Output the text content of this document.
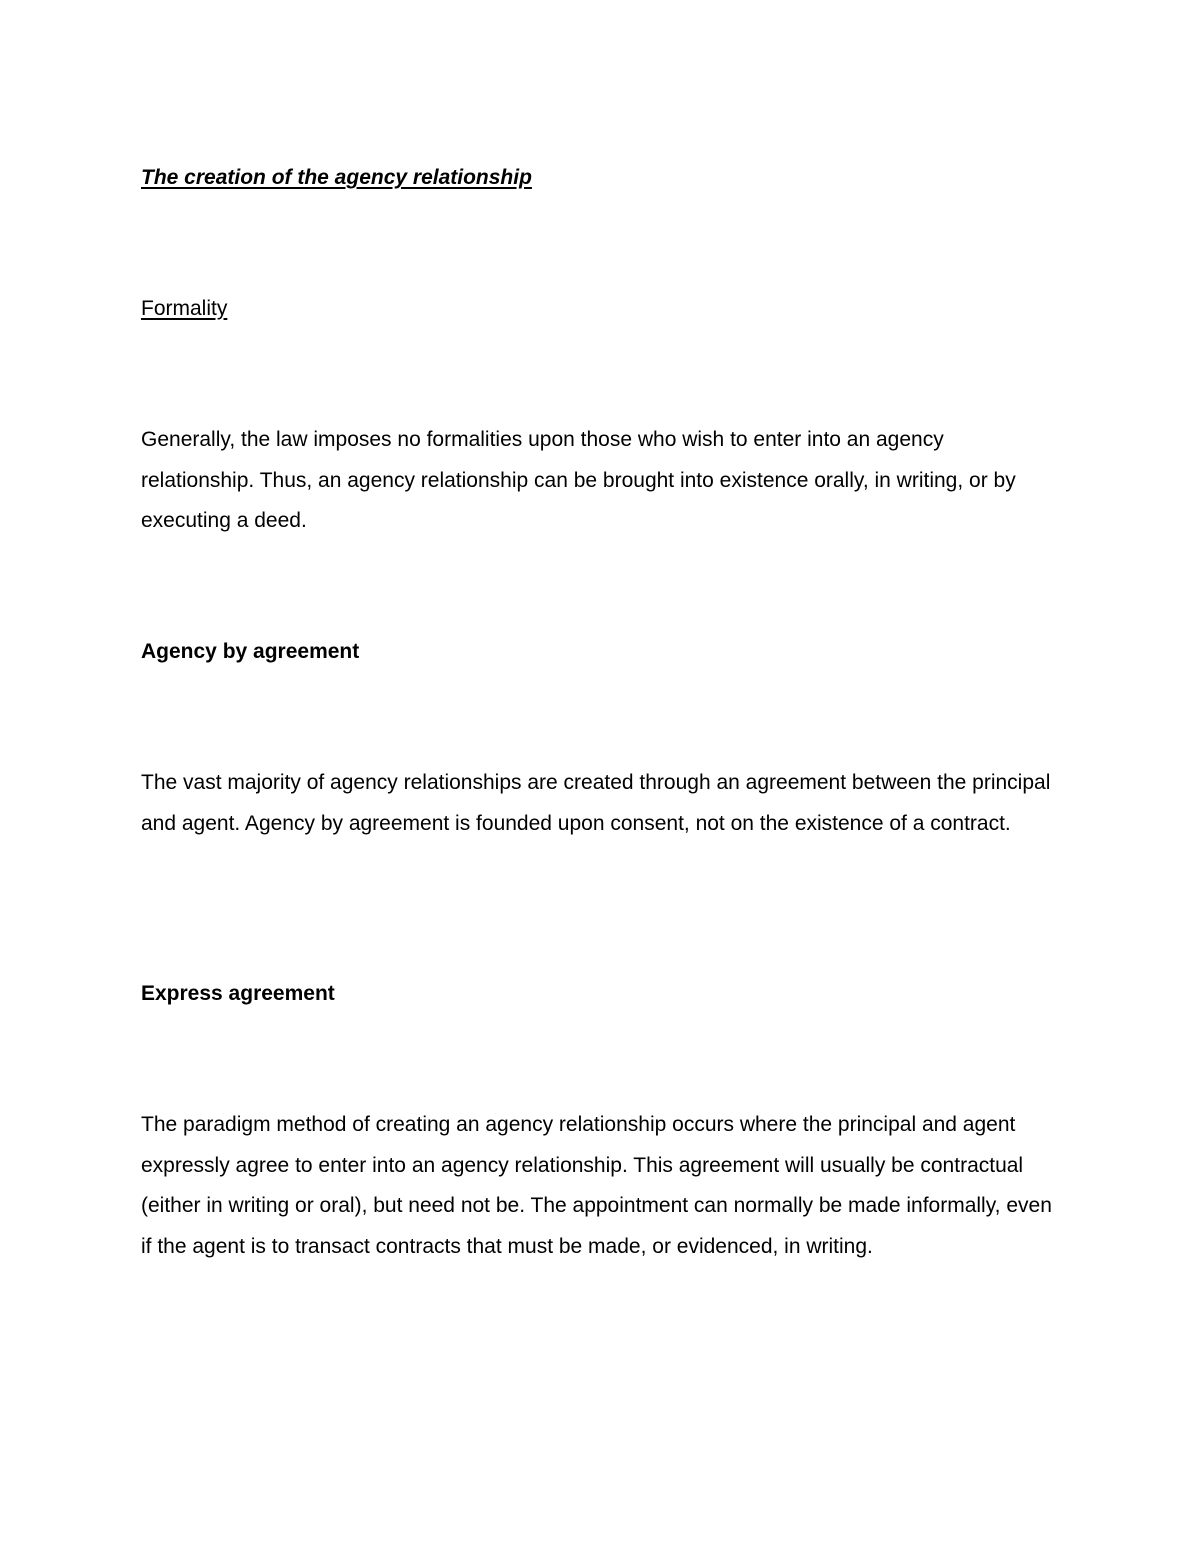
The creation of the agency relationship

Formality

Generally, the law imposes no formalities upon those who wish to enter into an agency relationship. Thus, an agency relationship can be brought into existence orally, in writing, or by executing a deed.

Agency by agreement

The vast majority of agency relationships are created through an agreement between the principal and agent. Agency by agreement is founded upon consent, not on the existence of a contract.

Express agreement

The paradigm method of creating an agency relationship occurs where the principal and agent expressly agree to enter into an agency relationship. This agreement will usually be contractual (either in writing or oral), but need not be. The appointment can normally be made informally, even if the agent is to transact contracts that must be made, or evidenced, in writing.
